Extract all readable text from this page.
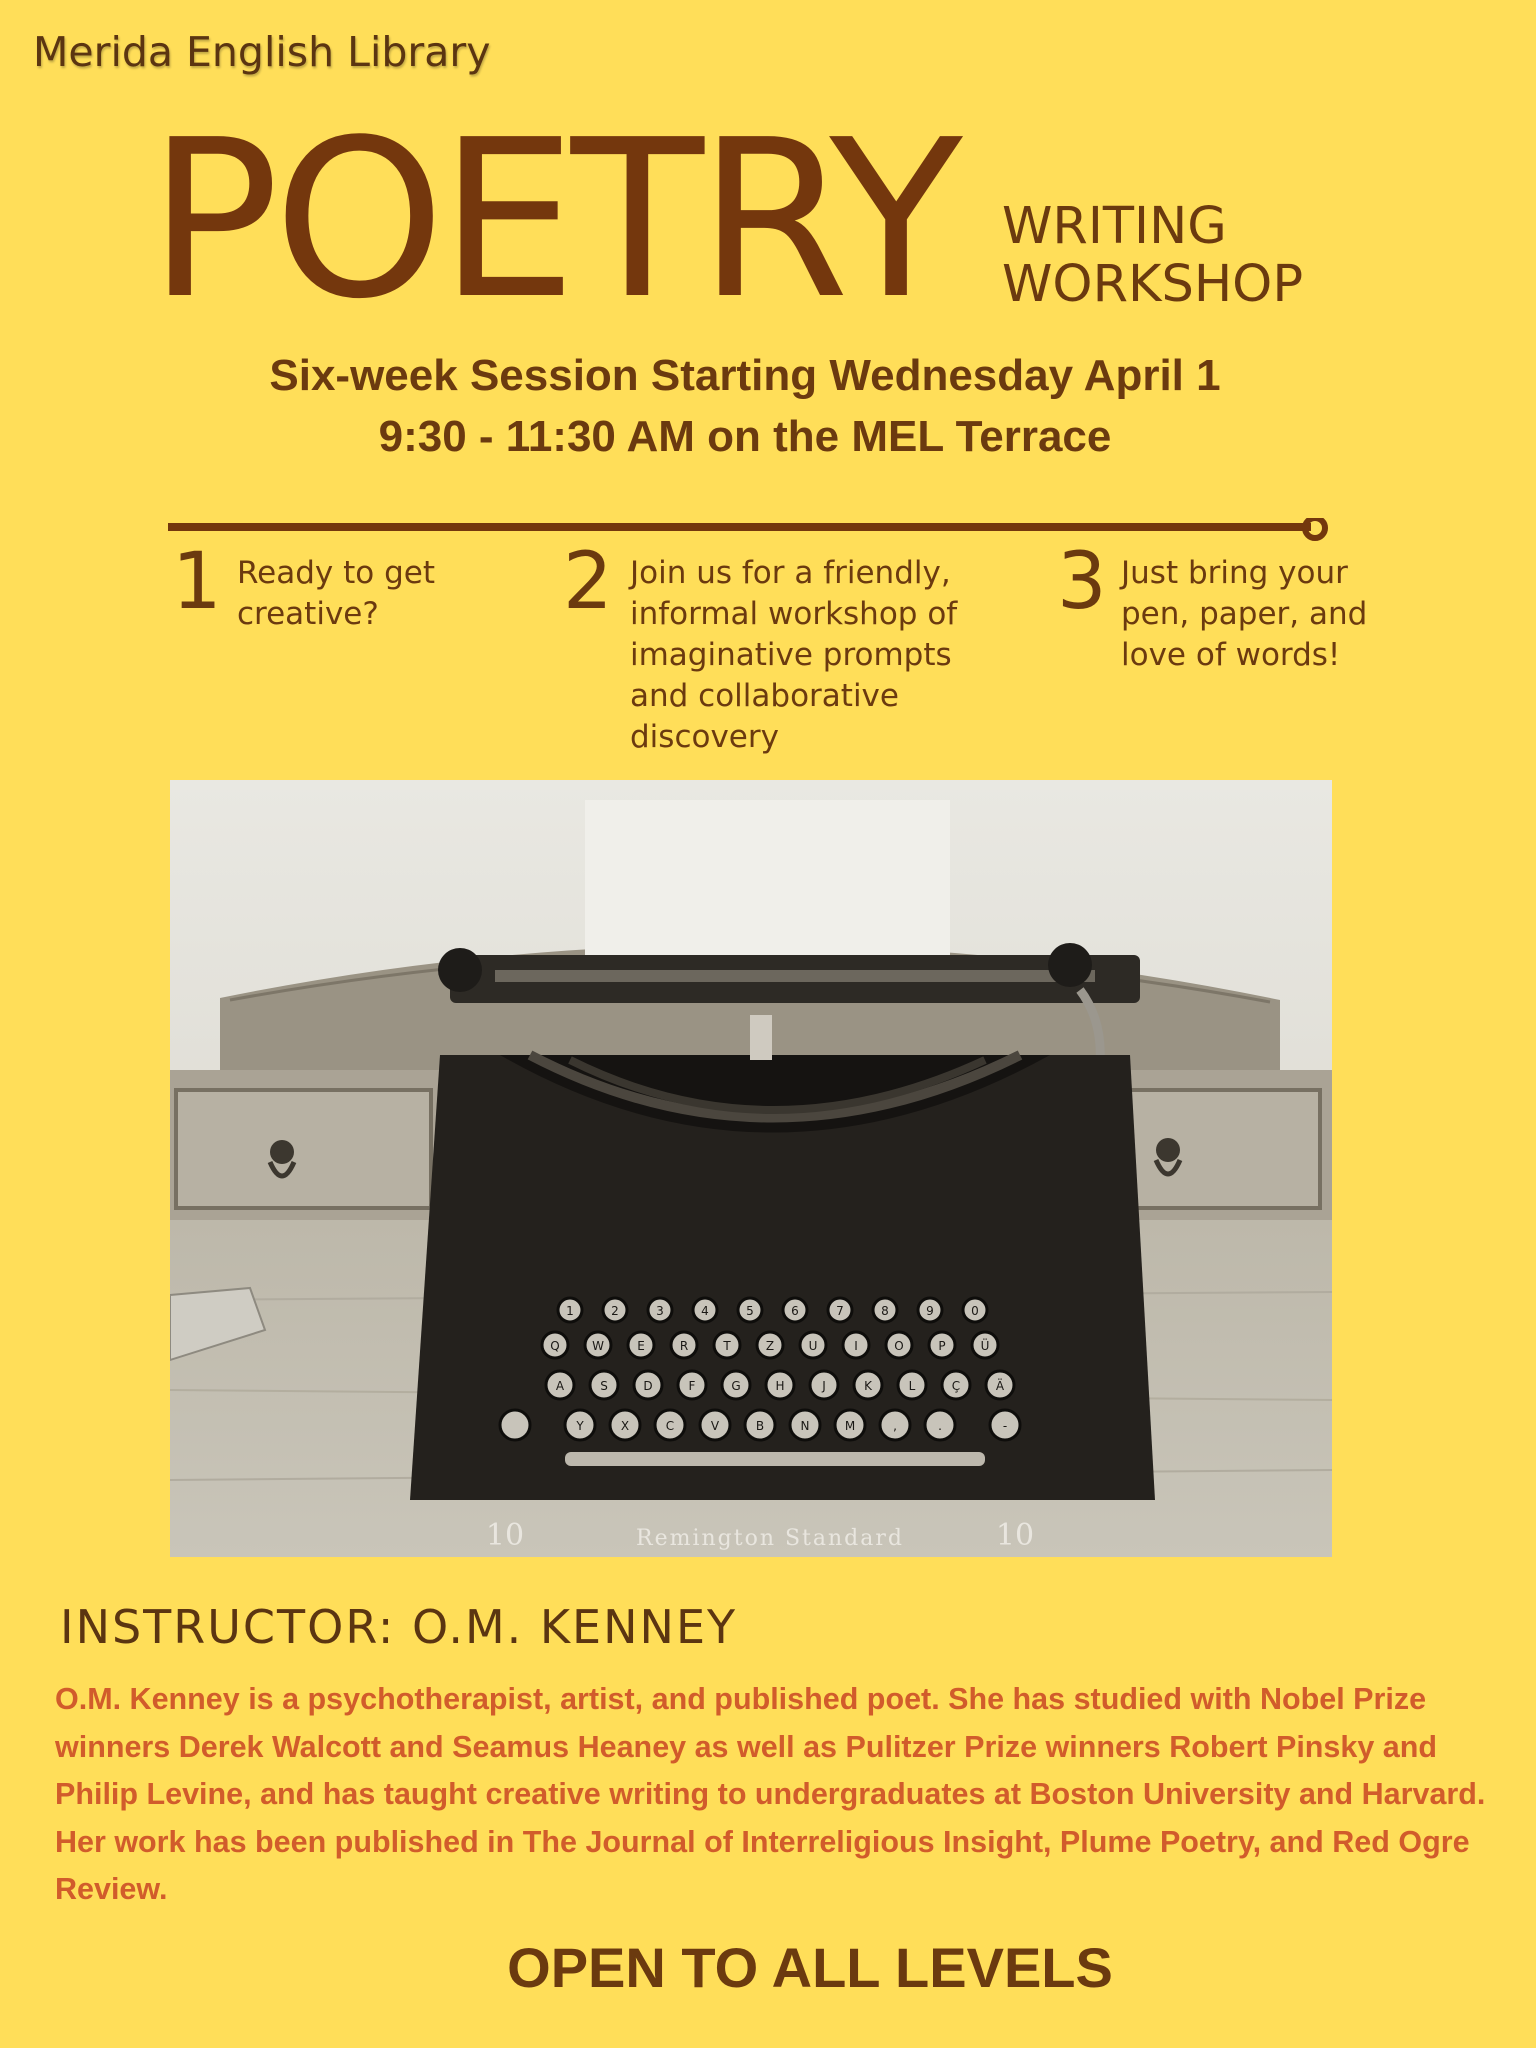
Merida English Library
POETRY WRITING
WORKSHOP
Six-week Session Starting Wednesday April 1
9:30 - 11:30 AM on the MEL Terrace
1 Ready to get creative?	2 Join us for a friendly, informal workshop of imaginative prompts and collaborative discovery
3 Just bring your pen, paper, and love of words!
Remington Standard
10	10
1	2	3	4	5	6	7	8	9	0
Q	W	E	R	T	Z	U	I	O	P	Ü
A	S	D	F	G	H	J	K	L	Ç	Ä
Y	X	C	V	B	N	M	,	.	-
INSTRUCTOR: O.M. KENNEY
O.M. Kenney is a psychotherapist, artist, and published poet. She has studied with Nobel Prize winners Derek Walcott and Seamus Heaney as well as Pulitzer Prize winners Robert Pinsky and Philip Levine, and has taught creative writing to undergraduates at Boston University and Harvard. Her work has been published in The Journal of Interreligious Insight, Plume Poetry, and Red Ogre Review.
OPEN TO ALL LEVELS
